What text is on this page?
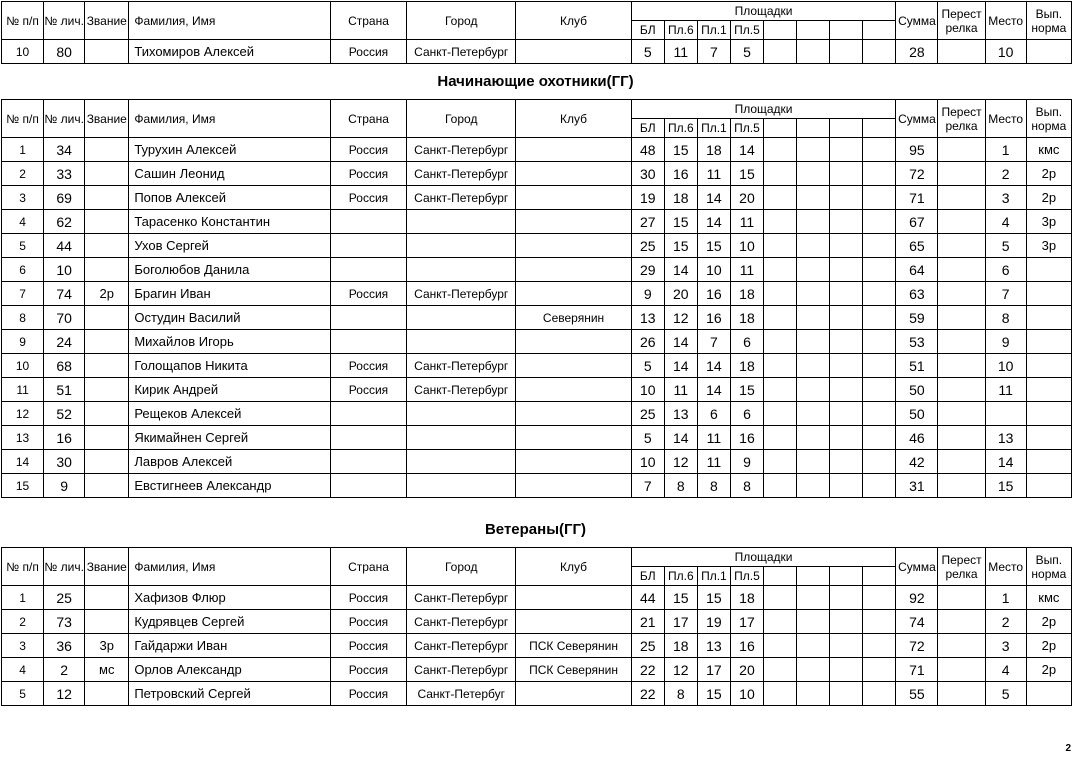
№ п/п	№ лич.	Звание	Фамилия, Имя	Страна	Город	Клуб	Площадки								Сумма	Перест релка	Место	Вып. норма
							БЛ	Пл.6	Пл.1	Пл.5								
10	80		Тихомиров Алексей	Россия	Санкт-Петербург		5	11	7	5					28		10	
Начинающие охотники(ГГ)
№ п/п	№ лич.	Звание	Фамилия, Имя	Страна	Город	Клуб	Площадки								Сумма	Перест релка	Место	Вып. норма
							БЛ	Пл.6	Пл.1	Пл.5								
1	34		Турухин Алексей	Россия	Санкт-Петербург		48	15	18	14					95		1	кмс
2	33		Сашин Леонид	Россия	Санкт-Петербург		30	16	11	15					72		2	2р
3	69		Попов Алексей	Россия	Санкт-Петербург		19	18	14	20					71		3	2р
4	62		Тарасенко Константин				27	15	14	11					67		4	3р
5	44		Ухов Сергей				25	15	15	10					65		5	3р
6	10		Боголюбов Данила				29	14	10	11					64		6	
7	74	2р	Брагин Иван	Россия	Санкт-Петербург		9	20	16	18					63		7	
8	70		Остудин Василий			Северянин	13	12	16	18					59		8	
9	24		Михайлов Игорь				26	14	7	6					53		9	
10	68		Голощапов Никита	Россия	Санкт-Петербург		5	14	14	18					51		10	
11	51		Кирик Андрей	Россия	Санкт-Петербург		10	11	14	15					50		11	
12	52		Рещеков Алексей				25	13	6	6					50			
13	16		Якимайнен Сергей				5	14	11	16					46		13	
14	30		Лавров Алексей				10	12	11	9					42		14	
15	9		Евстигнеев Александр				7	8	8	8					31		15	
Ветераны(ГГ)
№ п/п	№ лич.	Звание	Фамилия, Имя	Страна	Город	Клуб	Площадки								Сумма	Перест релка	Место	Вып. норма
							БЛ	Пл.6	Пл.1	Пл.5								
1	25		Хафизов Флюр	Россия	Санкт-Петербург		44	15	15	18					92		1	кмс
2	73		Кудрявцев Сергей	Россия	Санкт-Петербург		21	17	19	17					74		2	2р
3	36	3р	Гайдаржи Иван	Россия	Санкт-Петербург	ПСК Северянин	25	18	13	16					72		3	2р
4	2	мс	Орлов Александр	Россия	Санкт-Петербург	ПСК Северянин	22	12	17	20					71		4	2р
5	12		Петровский Сергей	Россия	Санкт-Петербуг		22	8	15	10					55		5	
2
